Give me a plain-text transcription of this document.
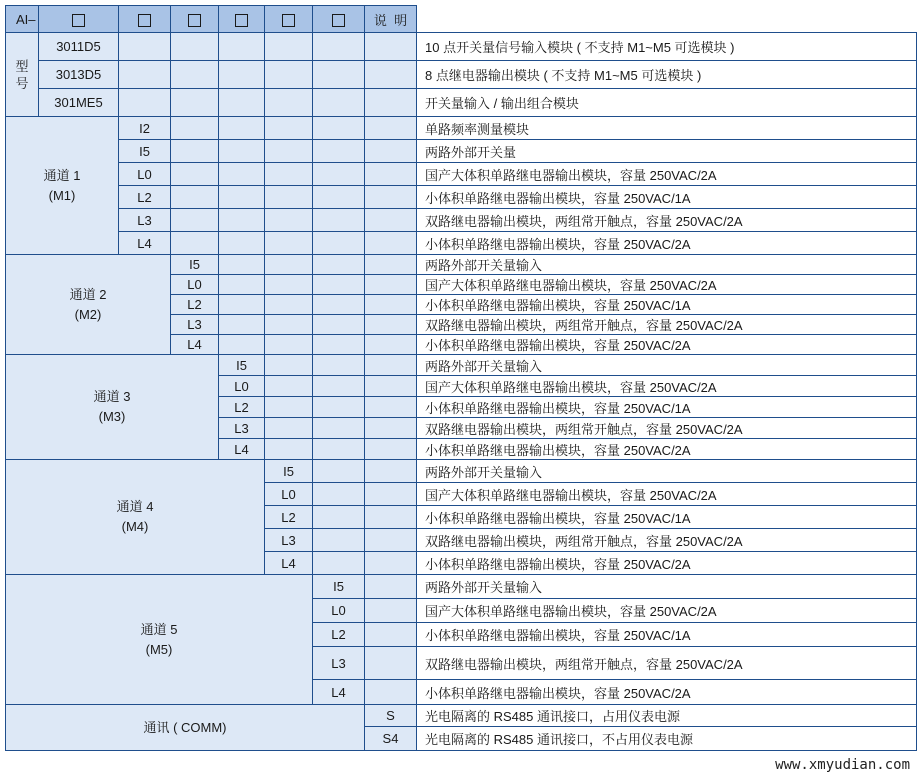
AI–							说  明	

型
号	3011D5							10 点开关量信号输入模块 ( 不支持 M1~M5 可选模块 )
	3013D5							8 点继电器输出模块 ( 不支持 M1~M5 可选模块 )
	301ME5							开关量输入 / 输出组合模块

通道 1
(M1)		I2						单路频率测量模块
		I5						两路外部开关量
		L0						国产大体积单路继电器输出模块，容量 250VAC/2A
		L2						小体积单路继电器输出模块，容量 250VAC/1A
		L3						双路继电器输出模块，两组常开触点，容量 250VAC/2A
		L4						小体积单路继电器输出模块，容量 250VAC/2A

通道 2
(M2)			I5					两路外部开关量输入
			L0					国产大体积单路继电器输出模块，容量 250VAC/2A
			L2					小体积单路继电器输出模块，容量 250VAC/1A
			L3					双路继电器输出模块，两组常开触点，容量 250VAC/2A
			L4					小体积单路继电器输出模块，容量 250VAC/2A

通道 3
(M3)				I5				两路外部开关量输入
				L0				国产大体积单路继电器输出模块，容量 250VAC/2A
				L2				小体积单路继电器输出模块，容量 250VAC/1A
				L3				双路继电器输出模块，两组常开触点，容量 250VAC/2A
				L4				小体积单路继电器输出模块，容量 250VAC/2A

通道 4
(M4)					I5			两路外部开关量输入
					L0			国产大体积单路继电器输出模块，容量 250VAC/2A
					L2			小体积单路继电器输出模块，容量 250VAC/1A
					L3			双路继电器输出模块，两组常开触点，容量 250VAC/2A
					L4			小体积单路继电器输出模块，容量 250VAC/2A

通道 5
(M5)						I5		两路外部开关量输入
						L0		国产大体积单路继电器输出模块，容量 250VAC/2A
						L2		小体积单路继电器输出模块，容量 250VAC/1A
						L3		双路继电器输出模块，两组常开触点，容量 250VAC/2A
						L4		小体积单路继电器输出模块，容量 250VAC/2A
通讯 ( COMM)							S	光电隔离的 RS485 通讯接口，占用仪表电源
							S4	光电隔离的 RS485 通讯接口，不占用仪表电源
www.xmyudian.com
